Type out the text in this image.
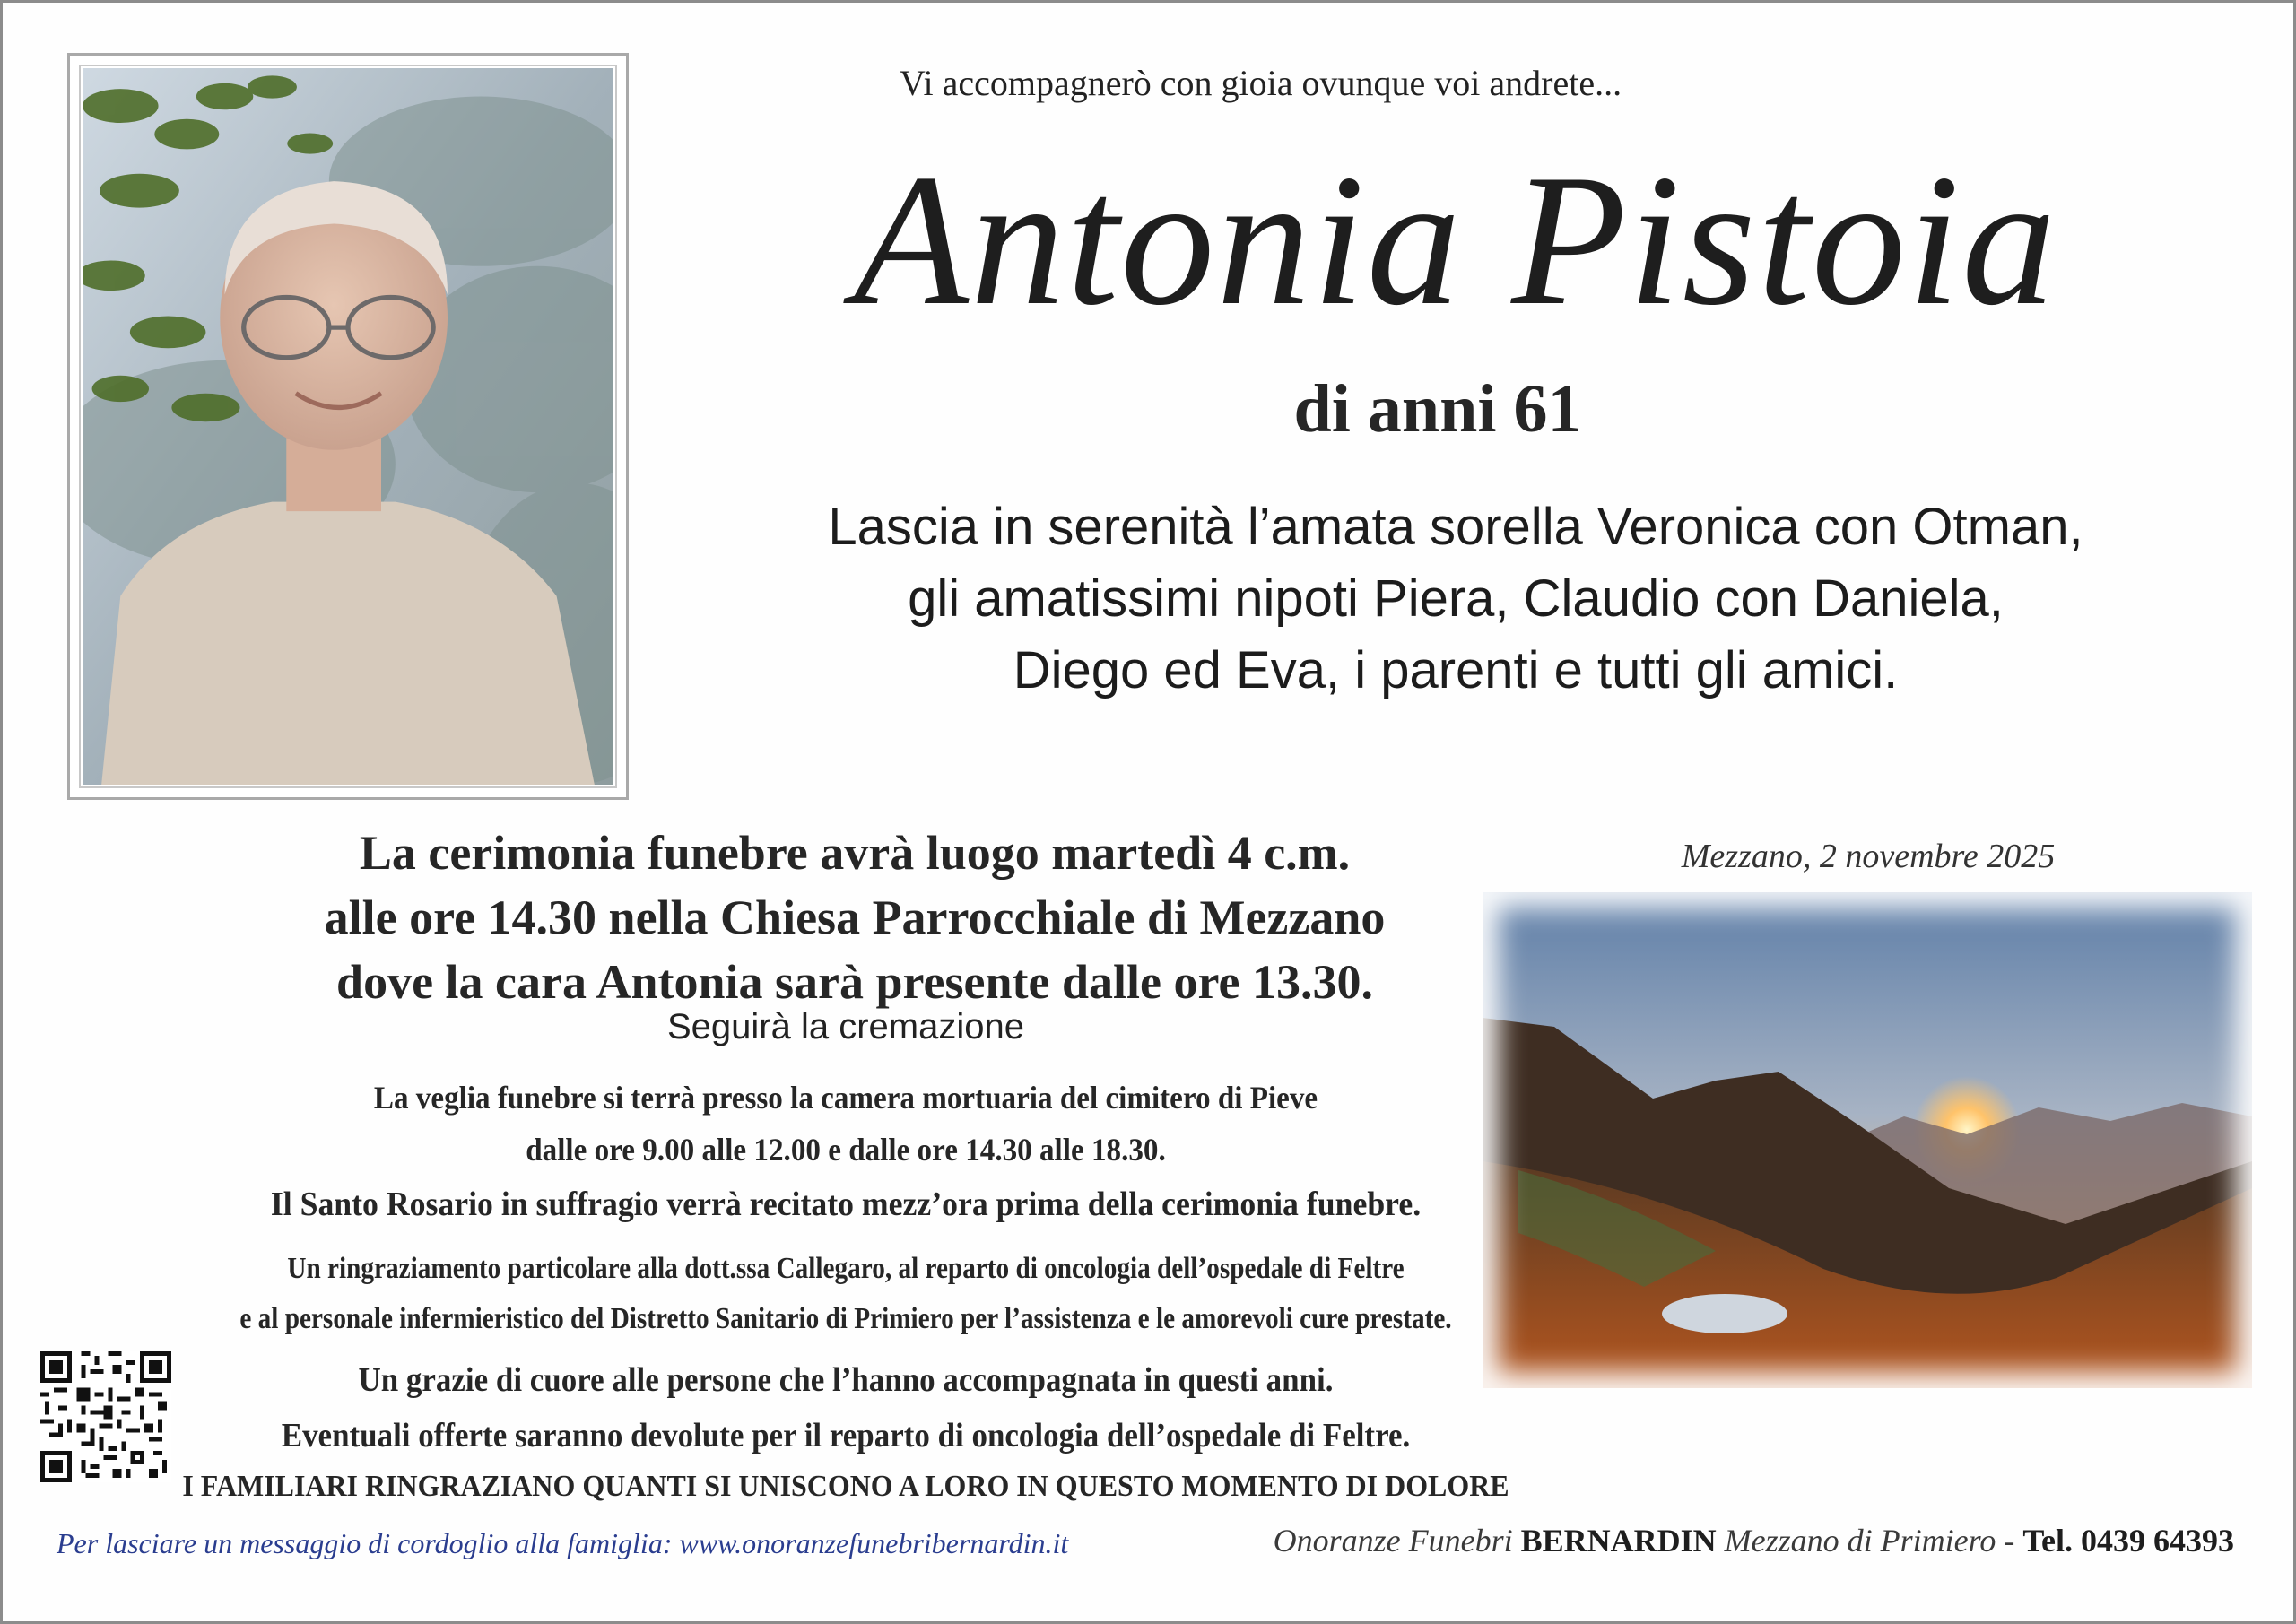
Vi accompagnerò con gioia ovunque voi andrete...
Antonia Pistoia
di anni 61
Lascia in serenità l’amata sorella Veronica con Otman,
gli amatissimi nipoti Piera, Claudio con Daniela,
Diego ed Eva, i parenti e tutti gli amici.
La cerimonia funebre avrà luogo martedì 4 c.m.
alle ore 14.30 nella Chiesa Parrocchiale di Mezzano
dove la cara Antonia sarà presente dalle ore 13.30.
Seguirà la cremazione
La veglia funebre si terrà presso la camera mortuaria del cimitero di Pieve
dalle ore 9.00 alle 12.00 e dalle ore 14.30 alle 18.30.
Il Santo Rosario in suffragio verrà recitato mezz’ora prima della cerimonia funebre.
Un ringraziamento particolare alla dott.ssa Callegaro, al reparto di oncologia dell’ospedale di Feltre
e al personale infermieristico del Distretto Sanitario di Primiero per l’assistenza e le amorevoli cure prestate.
Un grazie di cuore alle persone che l’hanno accompagnata in questi anni.
Eventuali offerte saranno devolute per il reparto di oncologia dell’ospedale di Feltre.
I FAMILIARI RINGRAZIANO QUANTI SI UNISCONO A LORO IN QUESTO MOMENTO DI DOLORE
Mezzano, 2 novembre 2025
Per lasciare un messaggio di cordoglio alla famiglia: www.onoranzefunebribernardin.it	Onoranze Funebri BERNARDIN Mezzano di Primiero - Tel. 0439 64393
